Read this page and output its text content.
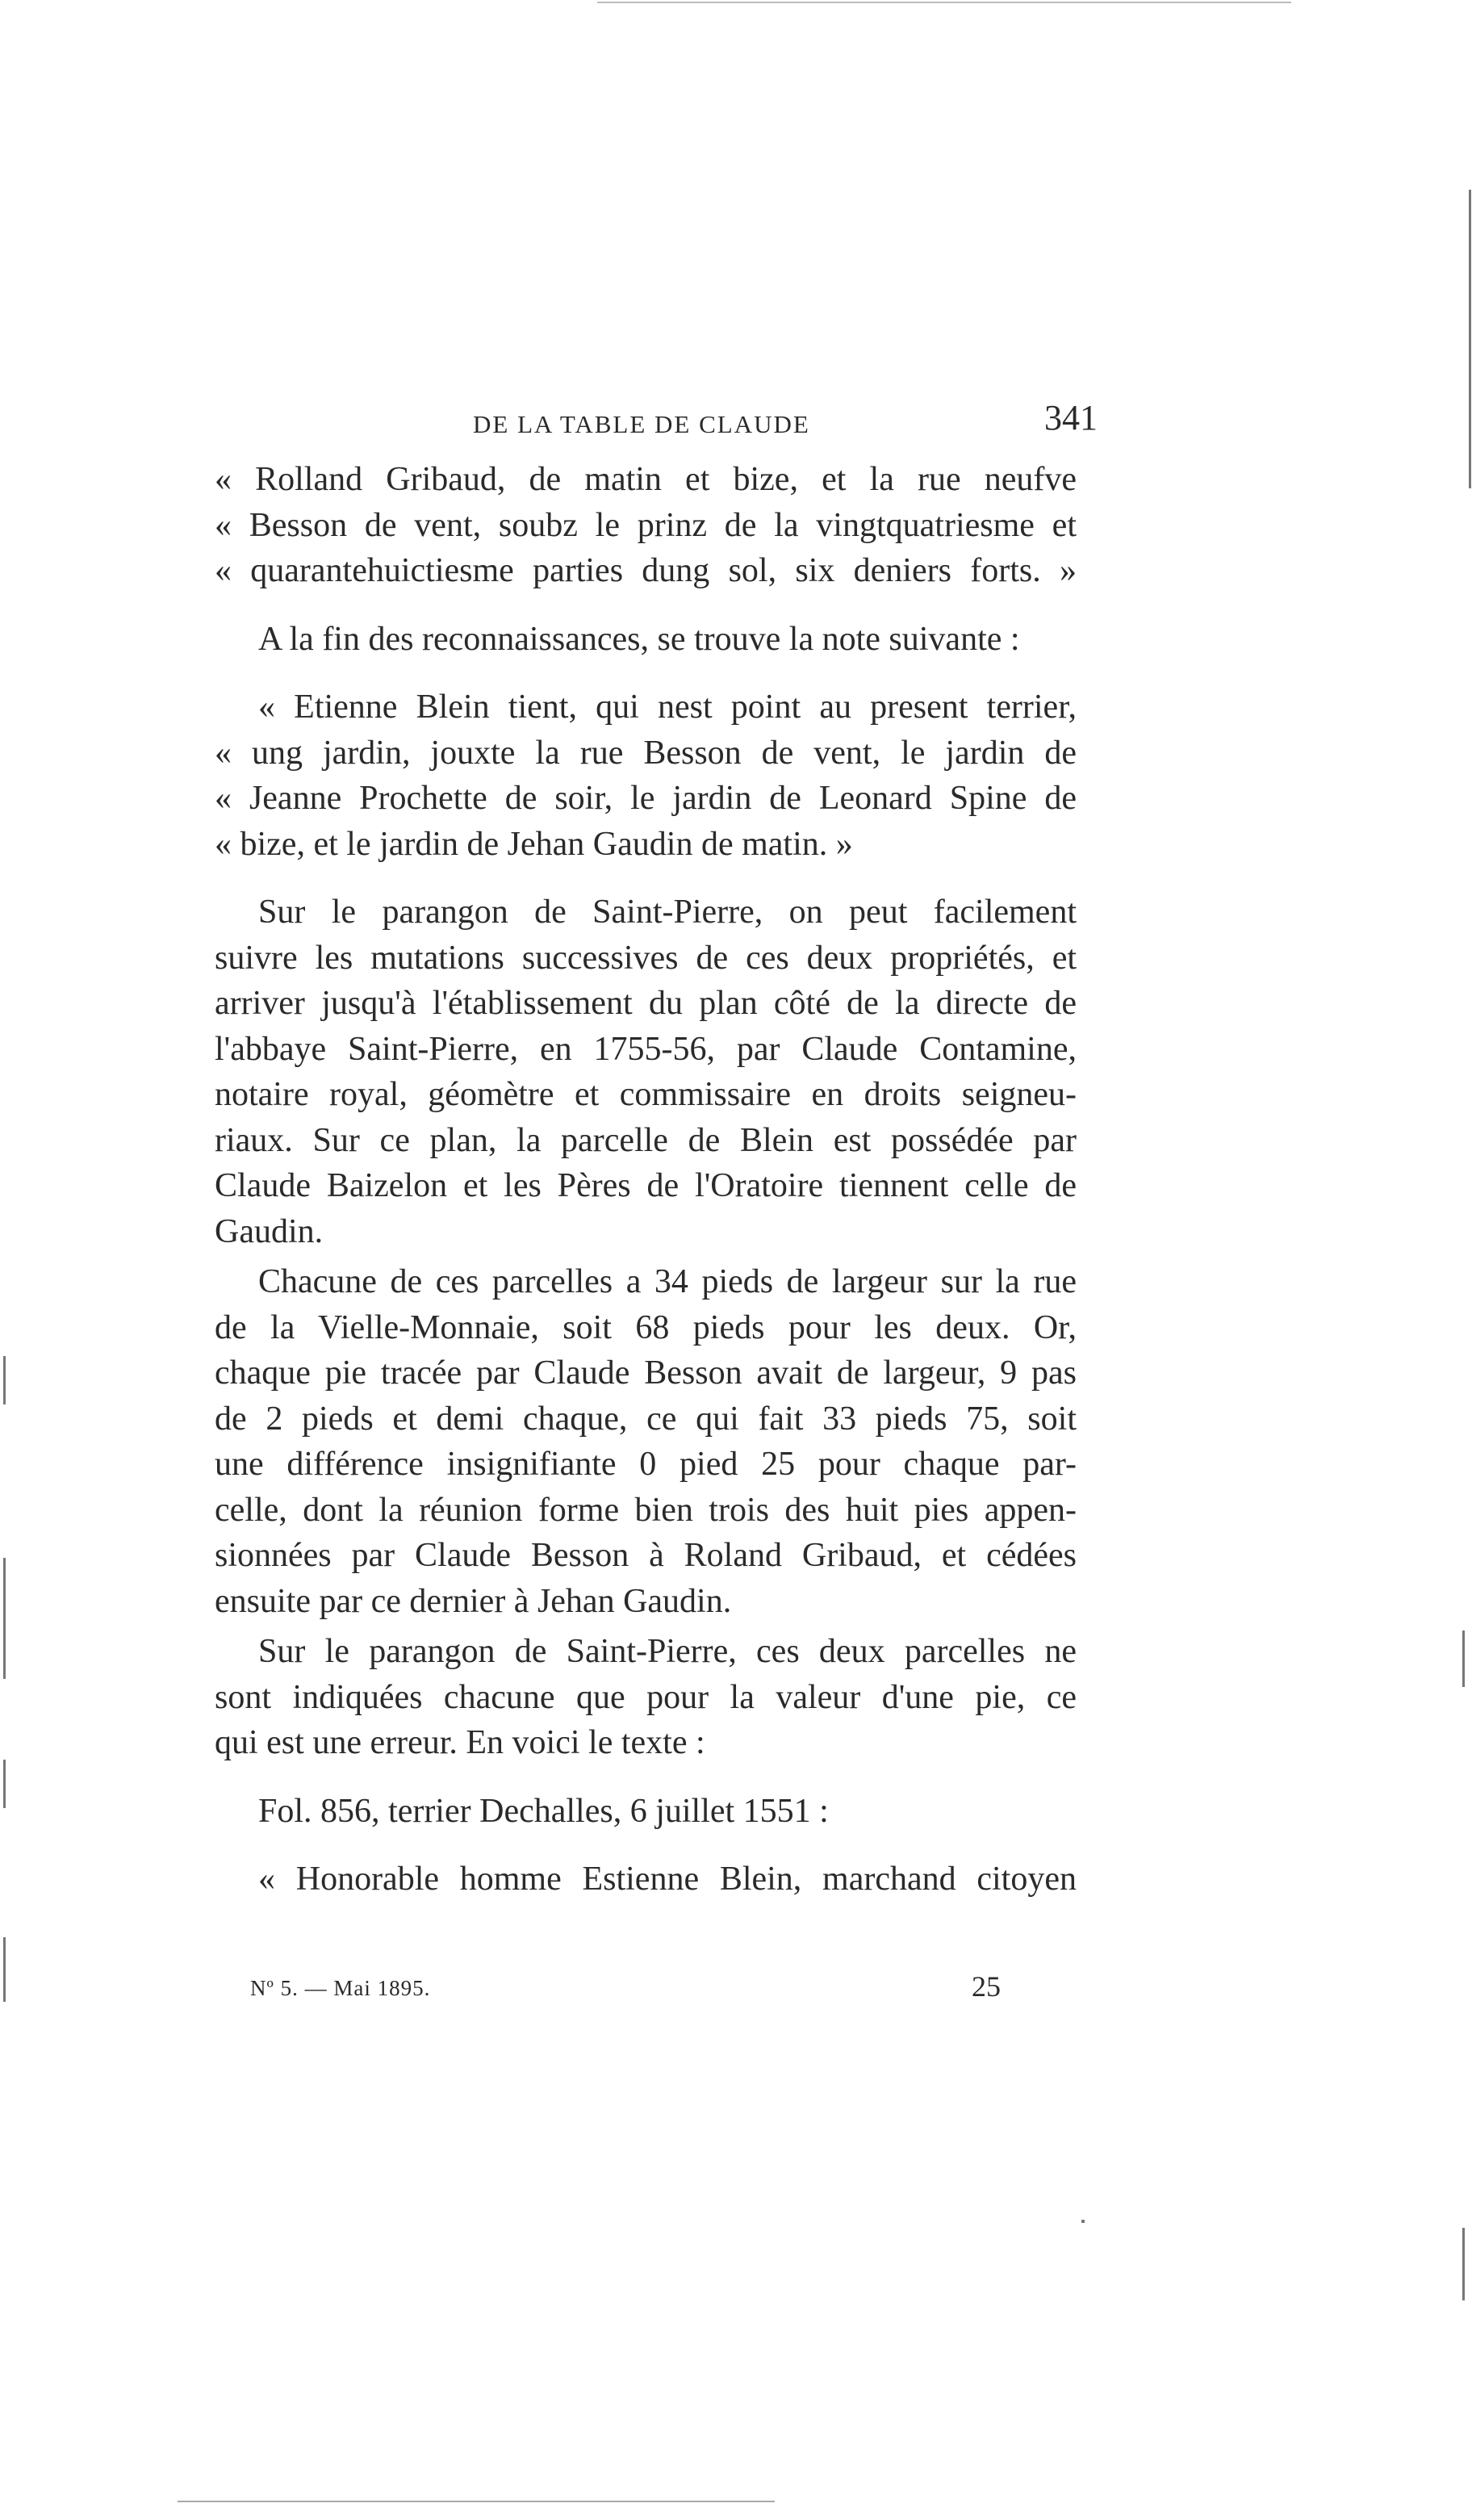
DE LA TABLE DE CLAUDE	341
« Rolland Gribaud, de matin et bize, et la rue neufve
« Besson de vent, soubz le prinz de la vingtquatriesme et
« quarantehuictiesme parties dung sol, six deniers forts. »
A la fin des reconnaissances, se trouve la note suivante :
« Etienne Blein tient, qui nest point au present terrier,
« ung jardin, jouxte la rue Besson de vent, le jardin de
« Jeanne Prochette de soir, le jardin de Leonard Spine de
« bize, et le jardin de Jehan Gaudin de matin. »
Sur le parangon de Saint-Pierre, on peut facilement
suivre les mutations successives de ces deux propriétés, et
arriver jusqu'à l'établissement du plan côté de la directe de
l'abbaye Saint-Pierre, en 1755-56, par Claude Contamine,
notaire royal, géomètre et commissaire en droits seigneu-
riaux. Sur ce plan, la parcelle de Blein est possédée par
Claude Baizelon et les Pères de l'Oratoire tiennent celle de
Gaudin.
Chacune de ces parcelles a 34 pieds de largeur sur la rue
de la Vielle-Monnaie, soit 68 pieds pour les deux. Or,
chaque pie tracée par Claude Besson avait de largeur, 9 pas
de 2 pieds et demi chaque, ce qui fait 33 pieds 75, soit
une différence insignifiante 0 pied 25 pour chaque par-
celle, dont la réunion forme bien trois des huit pies appen-
sionnées par Claude Besson à Roland Gribaud, et cédées
ensuite par ce dernier à Jehan Gaudin.
Sur le parangon de Saint-Pierre, ces deux parcelles ne
sont indiquées chacune que pour la valeur d'une pie, ce
qui est une erreur. En voici le texte :
Fol. 856, terrier Dechalles, 6 juillet 1551 :
« Honorable homme Estienne Blein, marchand citoyen
Nº 5. — Mai 1895.	25
